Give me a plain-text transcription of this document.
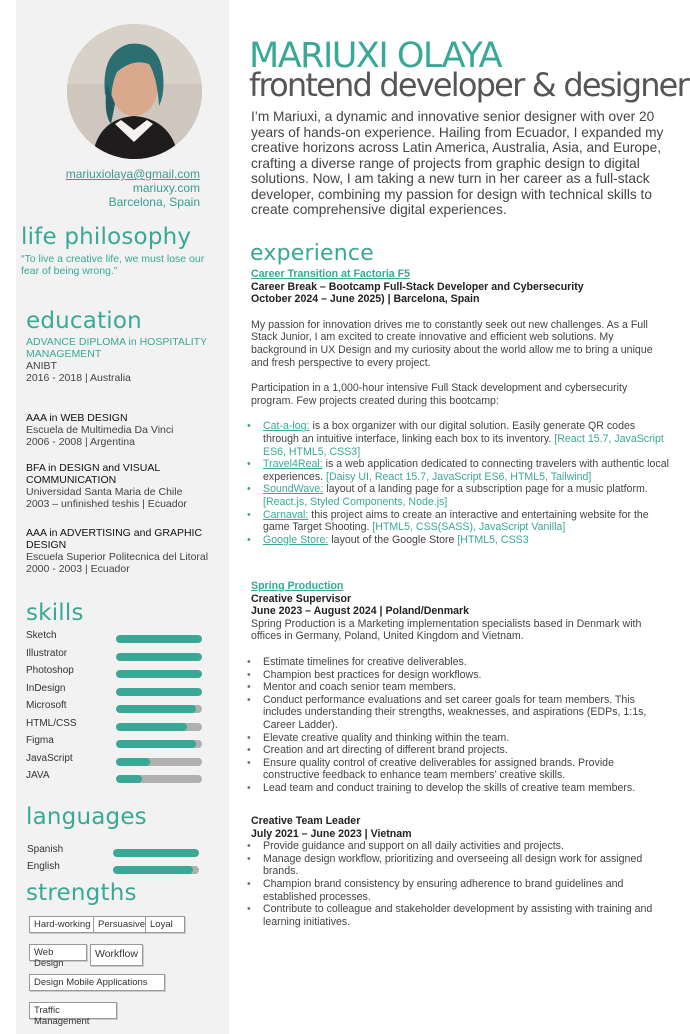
mariuxiolaya@gmail.com
mariuxy.com
Barcelona, Spain
life philosophy
“To live a creative life, we must lose our fear of being wrong.”
education
ADVANCE DIPLOMA in HOSPITALITY MANAGEMENT
ANIBT
2016 - 2018 | Australia
AAA in WEB DESIGN
Escuela de Multimedia Da Vinci
2006 - 2008 | Argentina
BFA in DESIGN and VISUAL COMMUNICATION
Universidad Santa Maria de Chile
2003 – unfinished teshis | Ecuador
AAA in ADVERTISING and GRAPHIC DESIGN
Escuela Superior Politecnica del Litoral
2000 - 2003 | Ecuador
skills
Sketch
Illustrator
Photoshop
InDesign
Microsoft
HTML/CSS
Figma
JavaScript
JAVA
languages
Spanish
English
strengths
Hard-working Persuasive Loyal
Web Design
Workflow
Design Mobile Applications
Traffic Management
MARIUXI OLAYA
frontend developer & designer
I’m Mariuxi, a dynamic and innovative senior designer with over 20 years of hands-on experience. Hailing from Ecuador, I expanded my creative horizons across Latin America, Australia, Asia, and Europe, crafting a diverse range of projects from graphic design to digital solutions. Now, I am taking a new turn in her career as a full-stack developer, combining my passion for design with technical skills to create comprehensive digital experiences.
experience
Career Transition at Factoria F5
Career Break – Bootcamp Full-Stack Developer and Cybersecurity
October 2024 – June 2025) | Barcelona, Spain
My passion for innovation drives me to constantly seek out new challenges. As a Full Stack Junior, I am excited to create innovative and efficient web solutions. My background in UX Design and my curiosity about the world allow me to bring a unique and fresh perspective to every project.
Participation in a 1,000-hour intensive Full Stack development and cybersecurity program. Few projects created during this bootcamp:
• Cat-a-log: is a box organizer with our digital solution. Easily generate QR codes through an intuitive interface, linking each box to its inventory. [React 15.7, JavaScript ES6, HTML5, CSS3]
• Travel4Real: is a web application dedicated to connecting travelers with authentic local experiences. [Daisy UI, React 15.7, JavaScript ES6, HTML5, Tailwind]
• SoundWave: layout of a landing page for a subscription page for a music platform. [React.js, Styled Components, Node.js]
• Carnaval: this project aims to create an interactive and entertaining website for the game Target Shooting. [HTML5, CSS(SASS), JavaScript Vanilla]
• Google Store: layout of the Google Store [HTML5, CSS3
Spring Production
Creative Supervisor
June 2023 – August 2024 | Poland/Denmark
Spring Production is a Marketing implementation specialists based in Denmark with offices in Germany, Poland, United Kingdom and Vietnam.
• Estimate timelines for creative deliverables.
• Champion best practices for design workflows.
• Mentor and coach senior team members.
• Conduct performance evaluations and set career goals for team members. This includes understanding their strengths, weaknesses, and aspirations (EDPs, 1:1s, Career Ladder).
• Elevate creative quality and thinking within the team.
• Creation and art directing of different brand projects.
• Ensure quality control of creative deliverables for assigned brands. Provide constructive feedback to enhance team members’ creative skills.
• Lead team and conduct training to develop the skills of creative team members.
Creative Team Leader
July 2021 – June 2023 | Vietnam
• Provide guidance and support on all daily activities and projects.
• Manage design workflow, prioritizing and overseeing all design work for assigned brands.
• Champion brand consistency by ensuring adherence to brand guidelines and established processes.
• Contribute to colleague and stakeholder development by assisting with training and learning initiatives.
